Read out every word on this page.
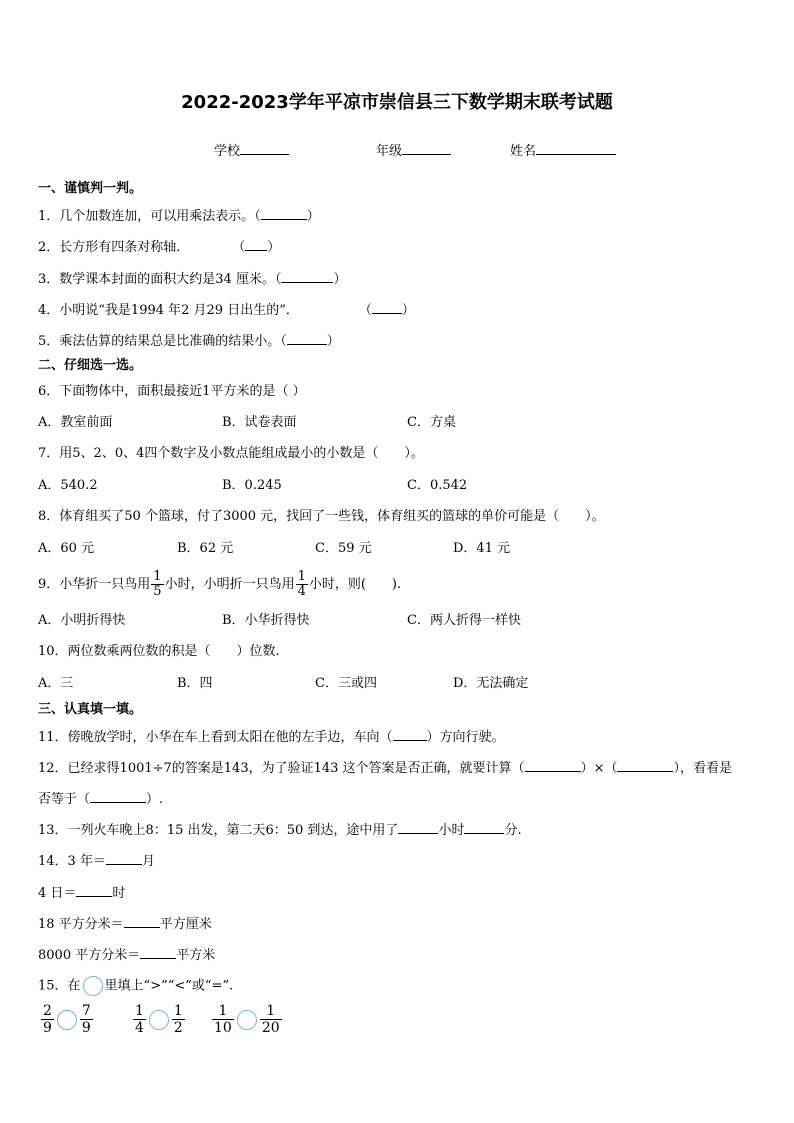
2022-2023学年平凉市崇信县三下数学期末联考试题
学校	年级	姓名
一、谨慎判一判。
1．几个加数连加，可以用乘法表示。（	）
2．长方形有四条对称轴．	（ ）
3．数学课本封面的面积大约是34 厘米。（	）
4．小明说“我是1994 年2 月29 日出生的”．	（ ）
5．乘法估算的结果总是比准确的结果小。（	）
二、仔细选一选。
6．下面物体中，面积最接近1平方米的是（ ）
A．教室前面	B．试卷表面	C．方桌
7．用5、2、0、4四个数字及小数点能组成最小的小数是（　　）。
A．540.2	B．0.245	C．0.542
8．体育组买了50 个篮球，付了3000 元，找回了一些钱，体育组买的篮球的单价可能是（　　）。
A．60 元	B．62 元	C．59 元	D．41 元
9．小华折一只鸟用 $\frac{1}{5}$ 小时，小明折一只鸟用 $\frac{1}{4}$ 小时，则(　　).
A．小明折得快	B．小华折得快	C．两人折得一样快
10．两位数乘两位数的积是（　　）位数.
A．三	B．四	C．三或四	D．无法确定
三、认真填一填。
11．傍晚放学时，小华在车上看到太阳在他的左手边，车向（	）方向行驶。
12．已经求得1001÷7的答案是143，为了验证143 这个答案是否正确，就要计算（	）×（	），看看是
否等于（	）.
13．一列火车晚上8：15 出发，第二天6：50 到达，途中用了	小时	分.
14．3 年＝	月
4 日＝	时
18 平方分米＝	平方厘米
8000 平方分米＝	平方米
15．在 里填上“>”“<”或“=”.
$\frac{2}{9} \frac{7}{9}$	$\frac{1}{4} \frac{1}{2} \frac{1}{10} \frac{1}{20}$
